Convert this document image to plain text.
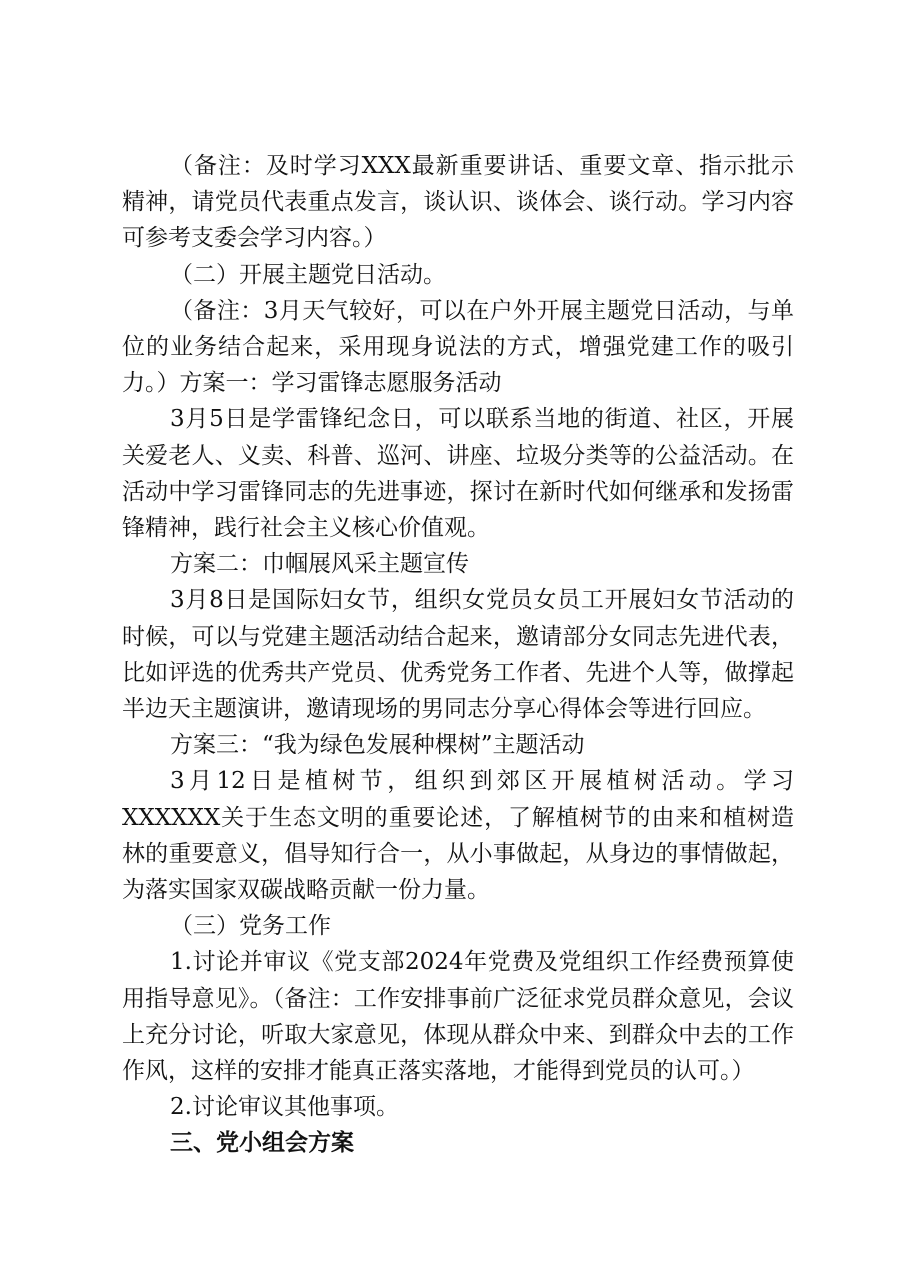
（备注：及时学习XXX最新重要讲话、重要文章、指示批示精神，请党员代表重点发言，谈认识、谈体会、谈行动。学习内容可参考支委会学习内容。）

（二）开展主题党日活动。

（备注：3月天气较好，可以在户外开展主题党日活动，与单位的业务结合起来，采用现身说法的方式，增强党建工作的吸引力。）方案一：学习雷锋志愿服务活动

3月5日是学雷锋纪念日，可以联系当地的街道、社区，开展关爱老人、义卖、科普、巡河、讲座、垃圾分类等的公益活动。在活动中学习雷锋同志的先进事迹，探讨在新时代如何继承和发扬雷锋精神，践行社会主义核心价值观。

方案二：巾帼展风采主题宣传

3月8日是国际妇女节，组织女党员女员工开展妇女节活动的时候，可以与党建主题活动结合起来，邀请部分女同志先进代表，比如评选的优秀共产党员、优秀党务工作者、先进个人等，做撑起半边天主题演讲，邀请现场的男同志分享心得体会等进行回应。

方案三：“我为绿色发展种棵树”主题活动

3月12日是植树节，组织到郊区开展植树活动。学习XXXXXX关于生态文明的重要论述，了解植树节的由来和植树造林的重要意义，倡导知行合一，从小事做起，从身边的事情做起，为落实国家双碳战略贡献一份力量。

（三）党务工作

1.讨论并审议《党支部2024年党费及党组织工作经费预算使用指导意见》。（备注：工作安排事前广泛征求党员群众意见，会议上充分讨论，听取大家意见，体现从群众中来、到群众中去的工作作风，这样的安排才能真正落实落地，才能得到党员的认可。）

2.讨论审议其他事项。

三、党小组会方案
